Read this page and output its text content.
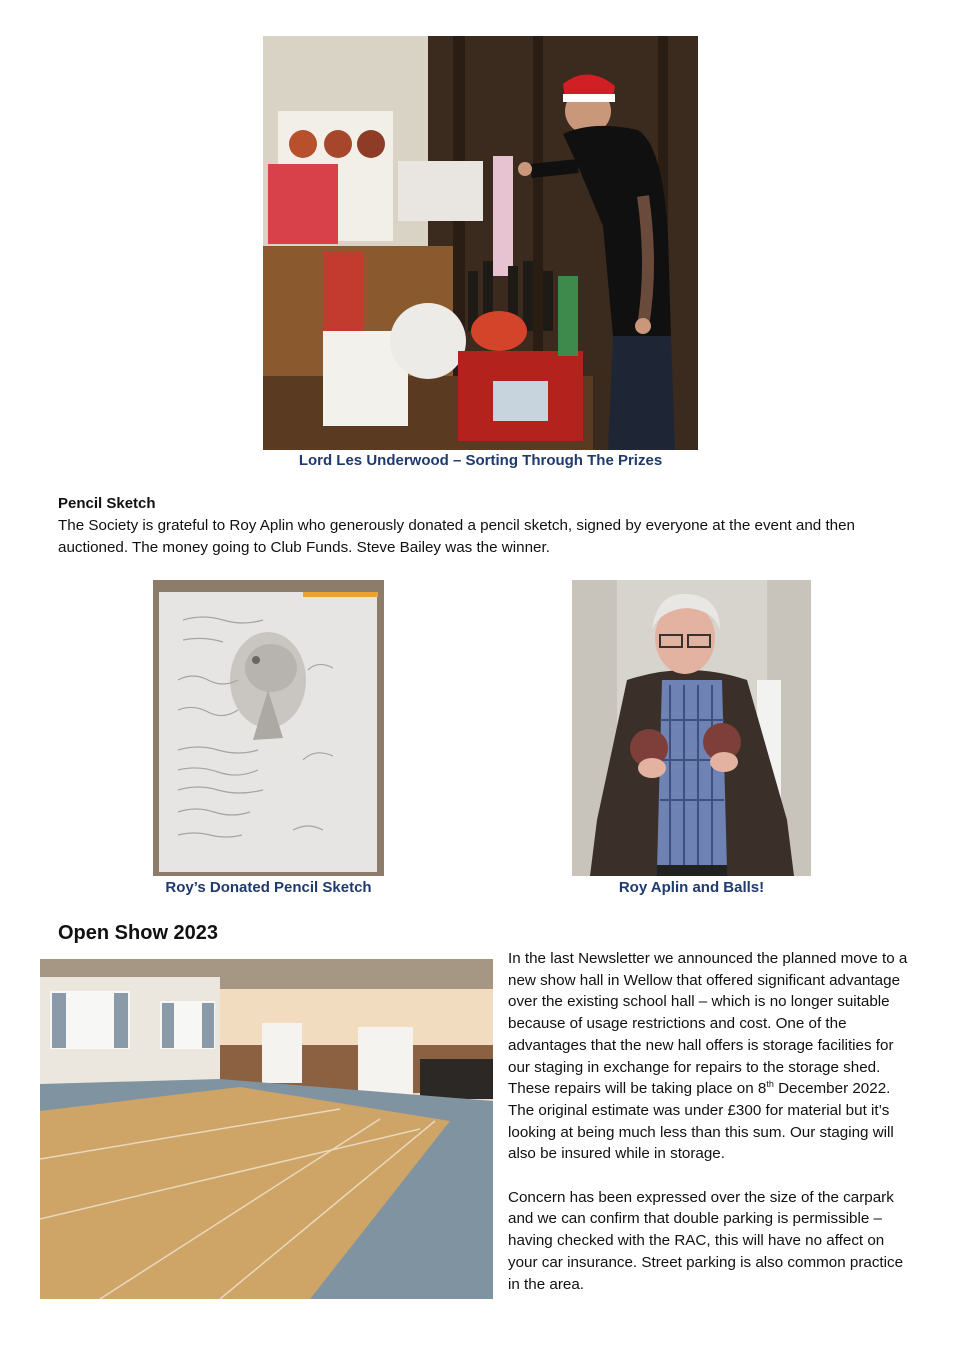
Lord Les Underwood – Sorting Through The Prizes
Pencil Sketch
The Society is grateful to Roy Aplin who generously donated a pencil sketch, signed by everyone at the event and then auctioned. The money going to Club Funds. Steve Bailey was the winner.
Roy’s Donated Pencil Sketch	Roy Aplin and Balls!
Open Show 2023

In the last Newsletter we announced the planned move to a new show hall in Wellow that offered significant advantage over the existing school hall – which is no longer suitable because of usage restrictions and cost. One of the advantages that the new hall offers is storage facilities for our staging in exchange for repairs to the storage shed. These repairs will be taking place on 8th December 2022. The original estimate was under £300 for material but it’s looking at being much less than this sum. Our staging will also be insured while in storage.

Concern has been expressed over the size of the carpark and we can confirm that double parking is permissible – having checked with the RAC, this will have no affect on your car insurance. Street parking is also common practice in the area.
